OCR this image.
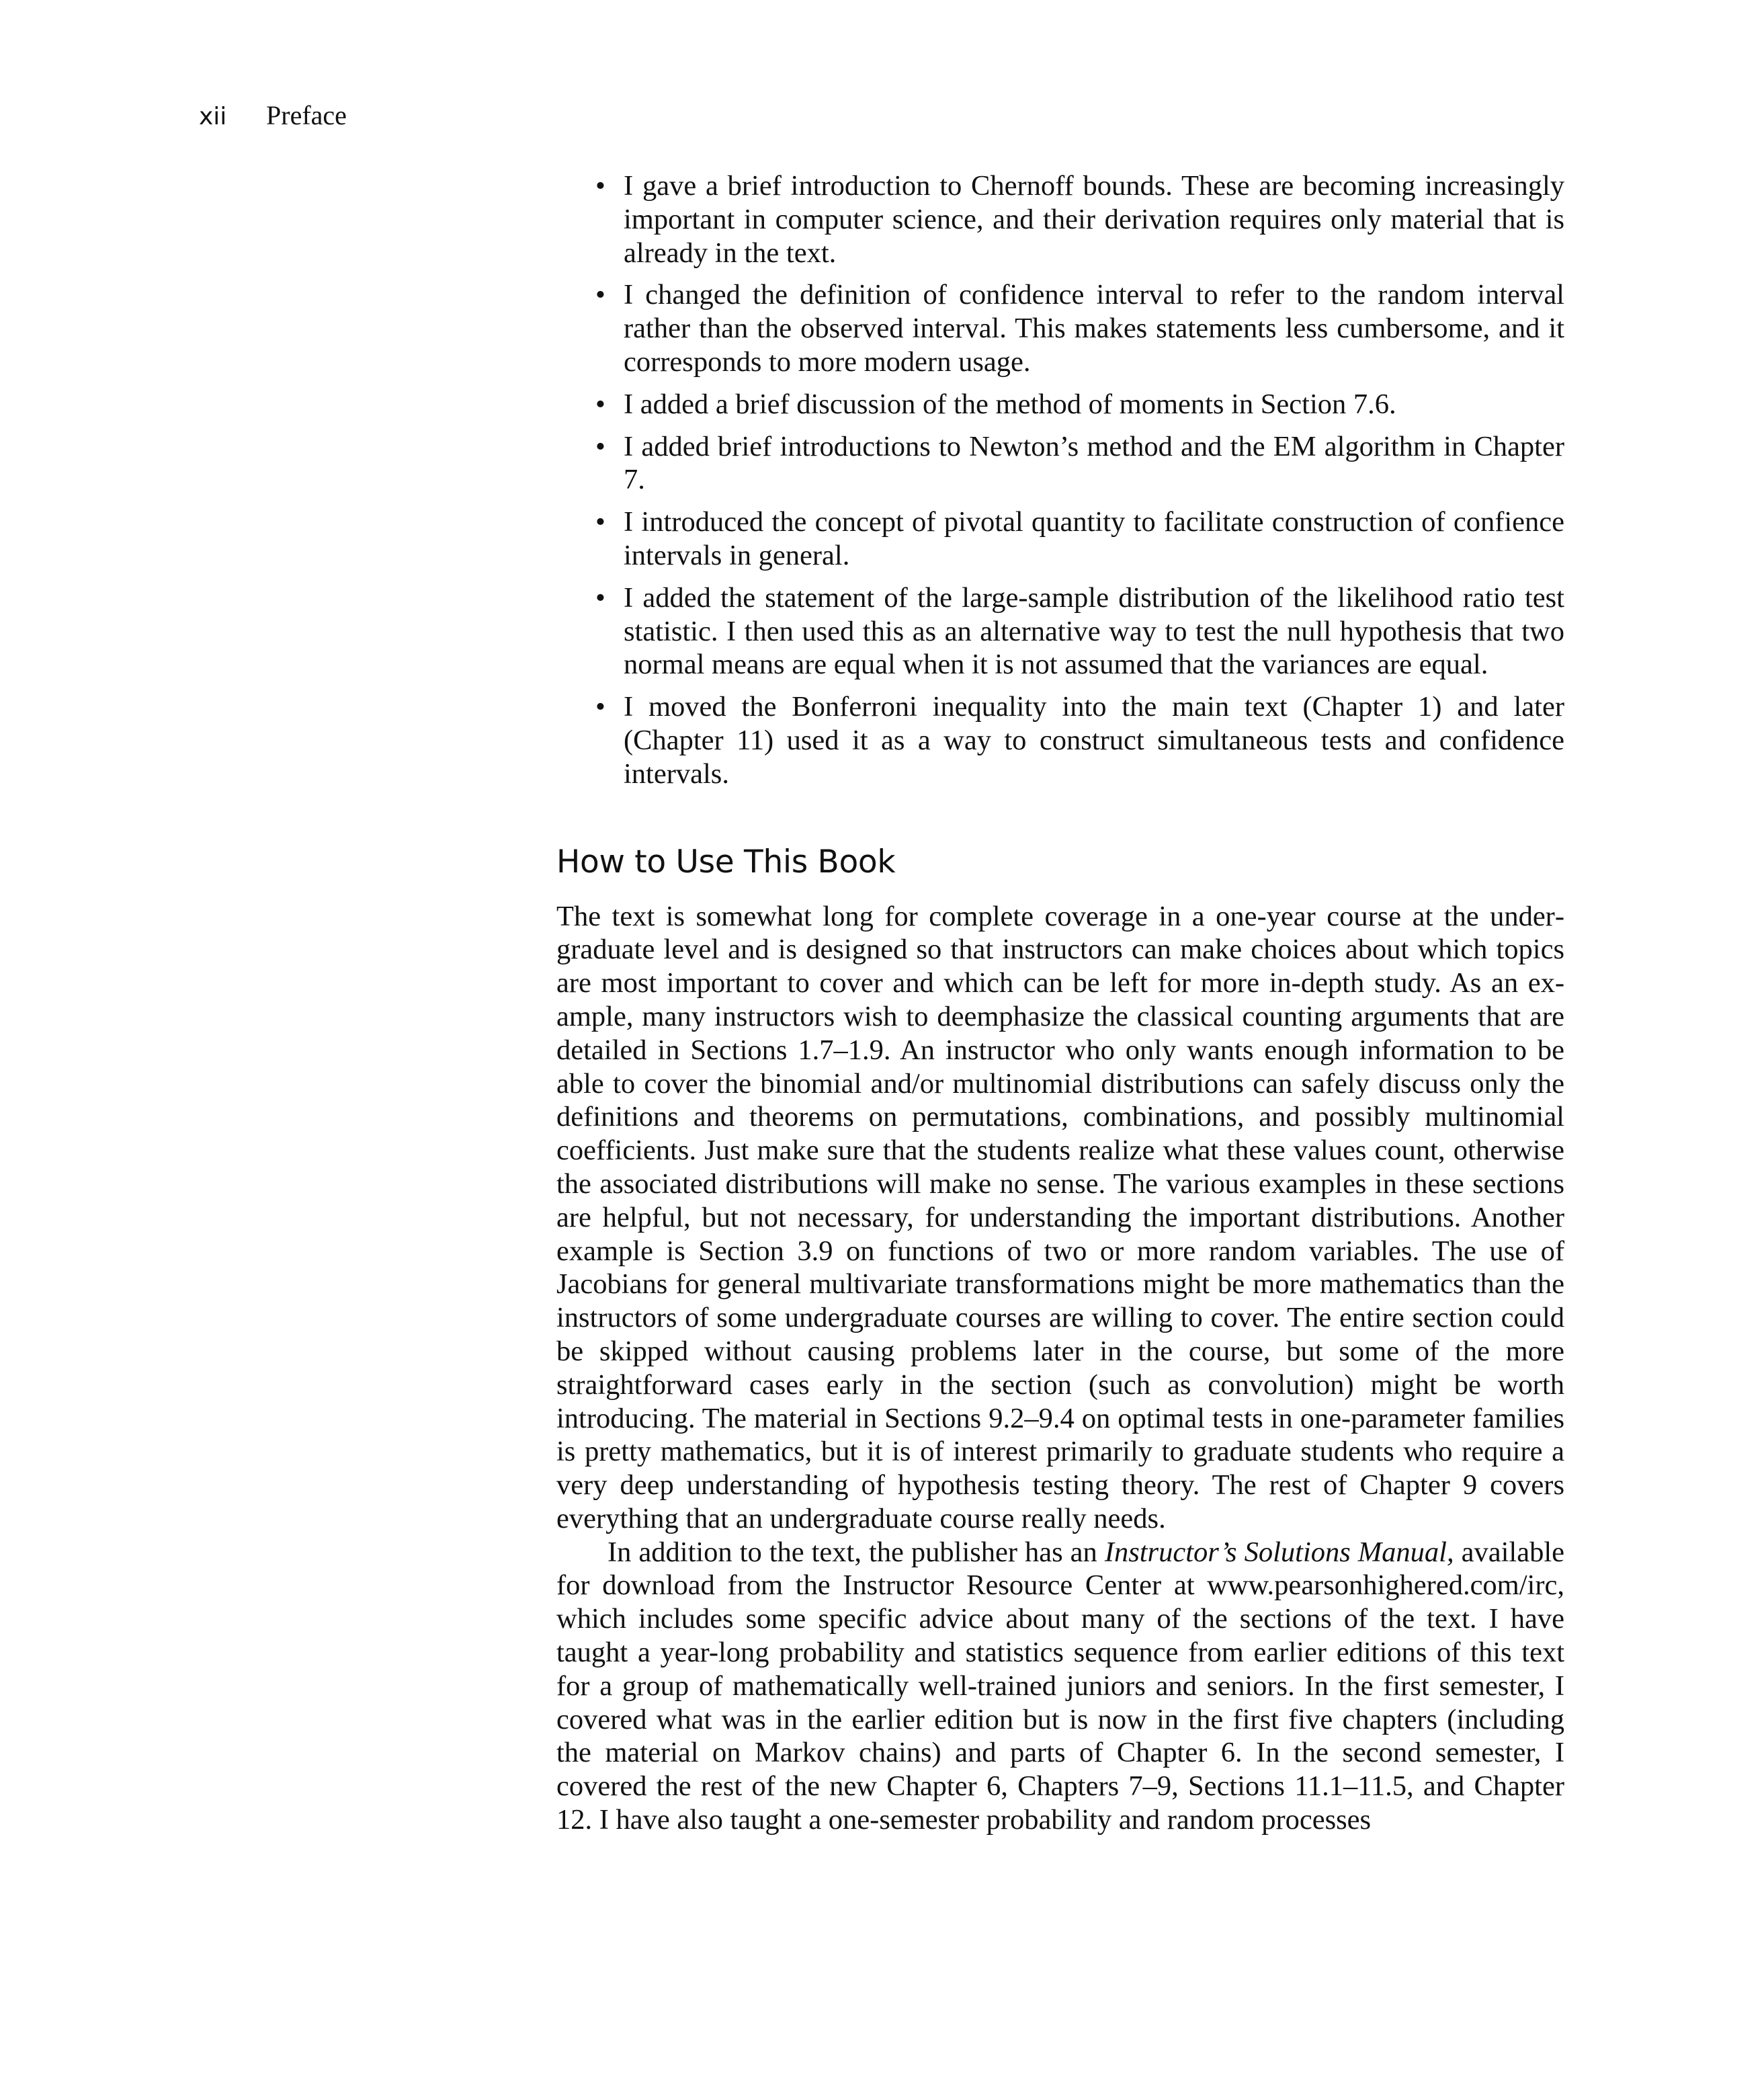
xii Preface
• I gave a brief introduction to Chernoff bounds. These are becoming increasingly important in computer science, and their derivation requires only material that is already in the text.
• I changed the definition of confidence interval to refer to the random interval rather than the observed interval. This makes statements less cumbersome, and it corresponds to more modern usage.
• I added a brief discussion of the method of moments in Section 7.6.
• I added brief introductions to Newton’s method and the EM algorithm in Chapter 7.
• I introduced the concept of pivotal quantity to facilitate construction of confience intervals in general.
• I added the statement of the large-sample distribution of the likelihood ratio test statistic. I then used this as an alternative way to test the null hypothesis that two normal means are equal when it is not assumed that the variances are equal.
• I moved the Bonferroni inequality into the main text (Chapter 1) and later (Chapter 11) used it as a way to construct simultaneous tests and confidence intervals.
How to Use This Book

The text is somewhat long for complete coverage in a one-year course at the undergraduate level and is designed so that instructors can make choices about which topics are most important to cover and which can be left for more in-depth study. As an example, many instructors wish to deemphasize the classical counting arguments that are detailed in Sections 1.7–1.9. An instructor who only wants enough information to be able to cover the binomial and/or multinomial distributions can safely discuss only the definitions and theorems on permutations, combinations, and possibly multinomial coefficients. Just make sure that the students realize what these values count, otherwise the associated distributions will make no sense. The various examples in these sections are helpful, but not necessary, for understanding the important distributions. Another example is Section 3.9 on functions of two or more random variables. The use of Jacobians for general multivariate transformations might be more mathematics than the instructors of some undergraduate courses are willing to cover. The entire section could be skipped without causing problems later in the course, but some of the more straightforward cases early in the section (such as convolution) might be worth introducing. The material in Sections 9.2–9.4 on optimal tests in one-parameter families is pretty mathematics, but it is of interest primarily to graduate students who require a very deep understanding of hypothesis testing theory. The rest of Chapter 9 covers everything that an undergraduate course really needs.

In addition to the text, the publisher has an Instructor’s Solutions Manual, available for download from the Instructor Resource Center at www.pearsonhighered​.com/irc, which includes some specific advice about many of the sections of the text. I have taught a year-long probability and statistics sequence from earlier editions of this text for a group of mathematically well-trained juniors and seniors. In the first semester, I covered what was in the earlier edition but is now in the first five chapters (including the material on Markov chains) and parts of Chapter 6. In the second semester, I covered the rest of the new Chapter 6, Chapters 7–9, Sections 11.1–11.5, and Chapter 12. I have also taught a one-semester probability and random processes
